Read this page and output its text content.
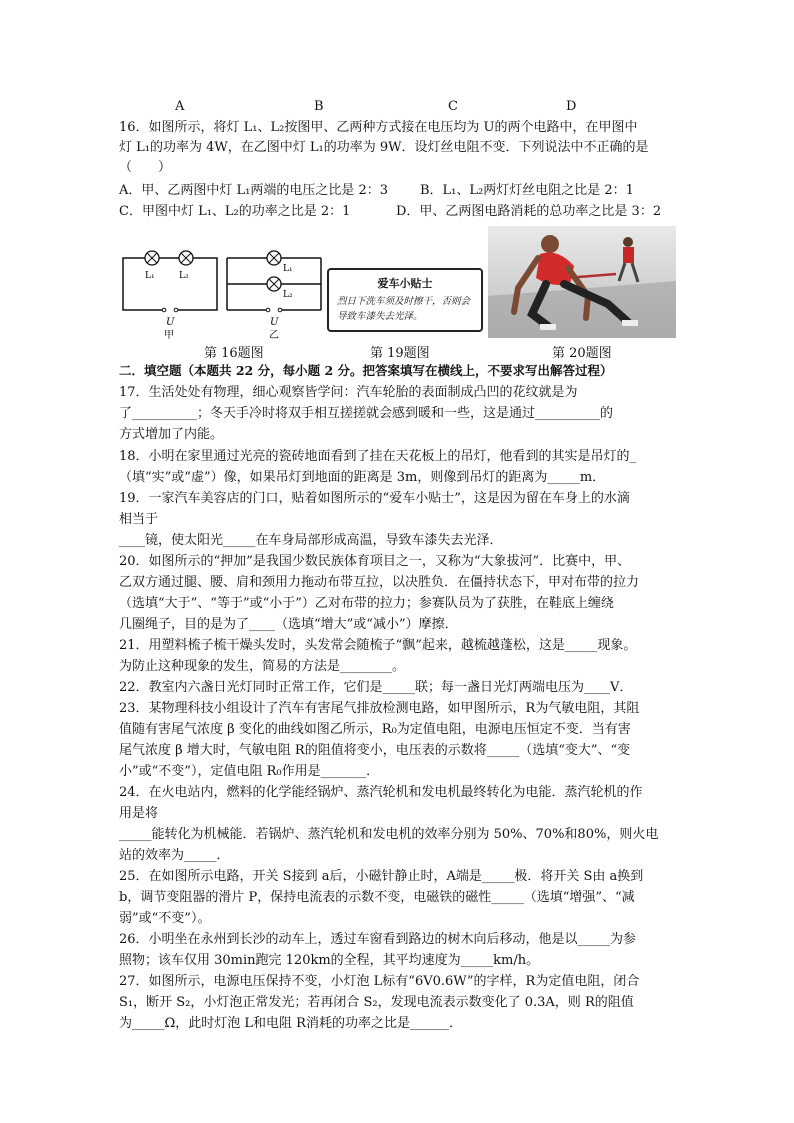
A	B	C	D
16．如图所示，将灯 L₁、L₂按图甲、乙两种方式接在电压均为 U的两个电路中，在甲图中
灯 L₁的功率为 4W，在乙图中灯 L₁的功率为 9W．设灯丝电阻不变．下列说法中不正确的是
（　　）
A．甲、乙两图中灯 L₁两端的电压之比是 2：3	B．L₁、L₂两灯灯丝电阻之比是 2：1
C．甲图中灯 L₁、L₂的功率之比是 2：1	D．甲、乙两图电路消耗的总功率之比是 3：2
L₁	L₂
U
甲
L₁
L₂
U
乙
爱车小贴士
烈日下洗车须及时擦干，否则会导致车漆失去光泽。
第 16题图	第 19题图	第 20题图
二．填空题（本题共 22 分，每小题 2 分。把答案填写在横线上，不要求写出解答过程）
17．生活处处有物理，细心观察皆学问：汽车轮胎的表面制成凸凹的花纹就是为
了__________；冬天手冷时将双手相互搓搓就会感到暖和一些，这是通过__________的
方式增加了内能。
18．小明在家里通过光亮的瓷砖地面看到了挂在天花板上的吊灯，他看到的其实是吊灯的_
（填“实”或“虚”）像，如果吊灯到地面的距离是 3m，则像到吊灯的距离为_____m．
19．一家汽车美容店的门口，贴着如图所示的“爱车小贴士”，这是因为留在车身上的水滴
相当于
____镜，使太阳光_____在车身局部形成高温，导致车漆失去光泽．
20．如图所示的“押加”是我国少数民族体育项目之一，又称为“大象拔河”．比赛中，甲、
乙双方通过腿、腰、肩和颈用力拖动布带互拉，以决胜负．在僵持状态下，甲对布带的拉力
（选填“大于”、“等于”或“小于”）乙对布带的拉力；参赛队员为了获胜，在鞋底上缠绕
几圈绳子，目的是为了____（选填“增大”或“减小”）摩擦．
21．用塑料梳子梳干燥头发时，头发常会随梳子“飘”起来，越梳越蓬松，这是_____现象。
为防止这种现象的发生，简易的方法是________。
22．教室内六盏日光灯同时正常工作，它们是_____联；每一盏日光灯两端电压为____V．
23．某物理科技小组设计了汽车有害尾气排放检测电路，如甲图所示，R为气敏电阻，其阻
值随有害尾气浓度 β 变化的曲线如图乙所示，R₀为定值电阻，电源电压恒定不变．当有害
尾气浓度 β 增大时，气敏电阻 R的阻值将变小，电压表的示数将_____（选填“变大”、“变
小”或“不变”），定值电阻 R₀作用是_______．
24．在火电站内，燃料的化学能经锅炉、蒸汽轮机和发电机最终转化为电能．蒸汽轮机的作
用是将
_____能转化为机械能．若锅炉、蒸汽轮机和发电机的效率分别为 50%、70%和80%，则火电
站的效率为_____．
25．在如图所示电路，开关 S接到 a后，小磁针静止时，A端是_____极．将开关 S由 a换到
b，调节变阻器的滑片 P，保持电流表的示数不变，电磁铁的磁性_____（选填“增强”、“减
弱”或“不变”）。
26．小明坐在永州到长沙的动车上，透过车窗看到路边的树木向后移动，他是以_____为参
照物；该车仅用 30min跑完 120km的全程，其平均速度为_____km/h。
27．如图所示，电源电压保持不变，小灯泡 L标有“6V0.6W”的字样，R为定值电阻，闭合
S₁，断开 S₂，小灯泡正常发光；若再闭合 S₂，发现电流表示数变化了 0.3A，则 R的阻值
为_____Ω，此时灯泡 L和电阻 R消耗的功率之比是______．
